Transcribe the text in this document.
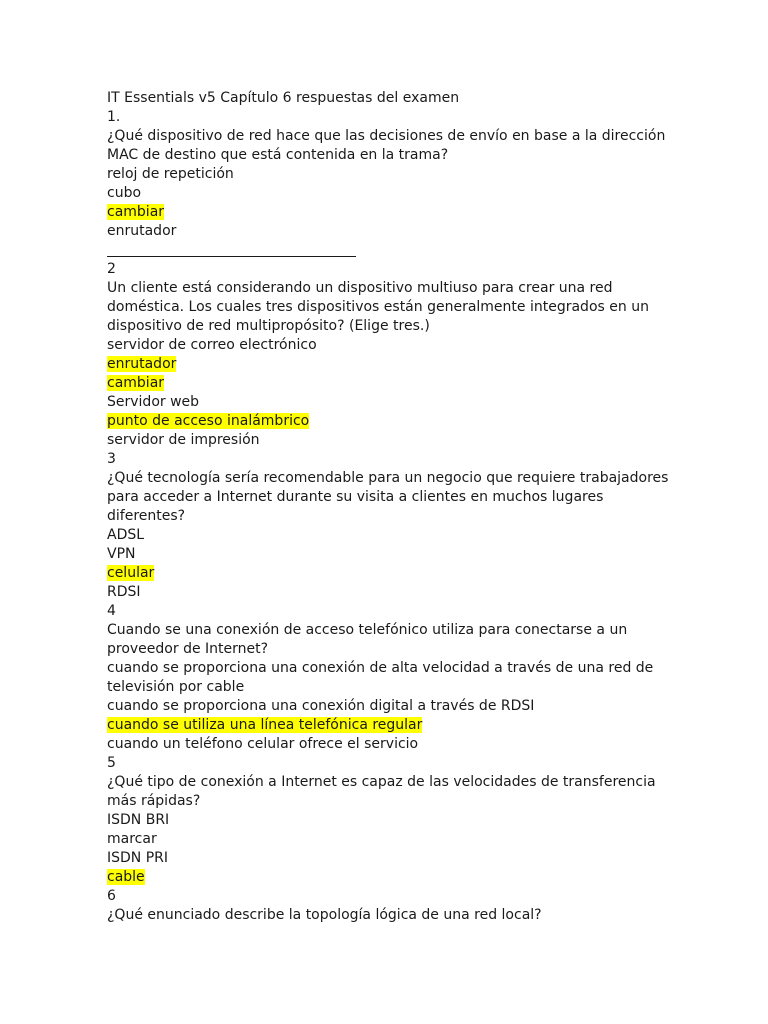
IT Essentials v5 Capítulo 6 respuestas del examen
1.
¿Qué dispositivo de red hace que las decisiones de envío en base a la dirección
MAC de destino que está contenida en la trama?
reloj de repetición
cubo
cambiar
enrutador
2
Un cliente está considerando un dispositivo multiuso para crear una red
doméstica. Los cuales tres dispositivos están generalmente integrados en un
dispositivo de red multipropósito? (Elige tres.)
servidor de correo electrónico
enrutador
cambiar
Servidor web
punto de acceso inalámbrico
servidor de impresión
3
¿Qué tecnología sería recomendable para un negocio que requiere trabajadores
para acceder a Internet durante su visita a clientes en muchos lugares
diferentes?
ADSL
VPN
celular
RDSI
4
Cuando se una conexión de acceso telefónico utiliza para conectarse a un
proveedor de Internet?
cuando se proporciona una conexión de alta velocidad a través de una red de
televisión por cable
cuando se proporciona una conexión digital a través de RDSI
cuando se utiliza una línea telefónica regular
cuando un teléfono celular ofrece el servicio
5
¿Qué tipo de conexión a Internet es capaz de las velocidades de transferencia
más rápidas?
ISDN BRI
marcar
ISDN PRI
cable
6
¿Qué enunciado describe la topología lógica de una red local?
